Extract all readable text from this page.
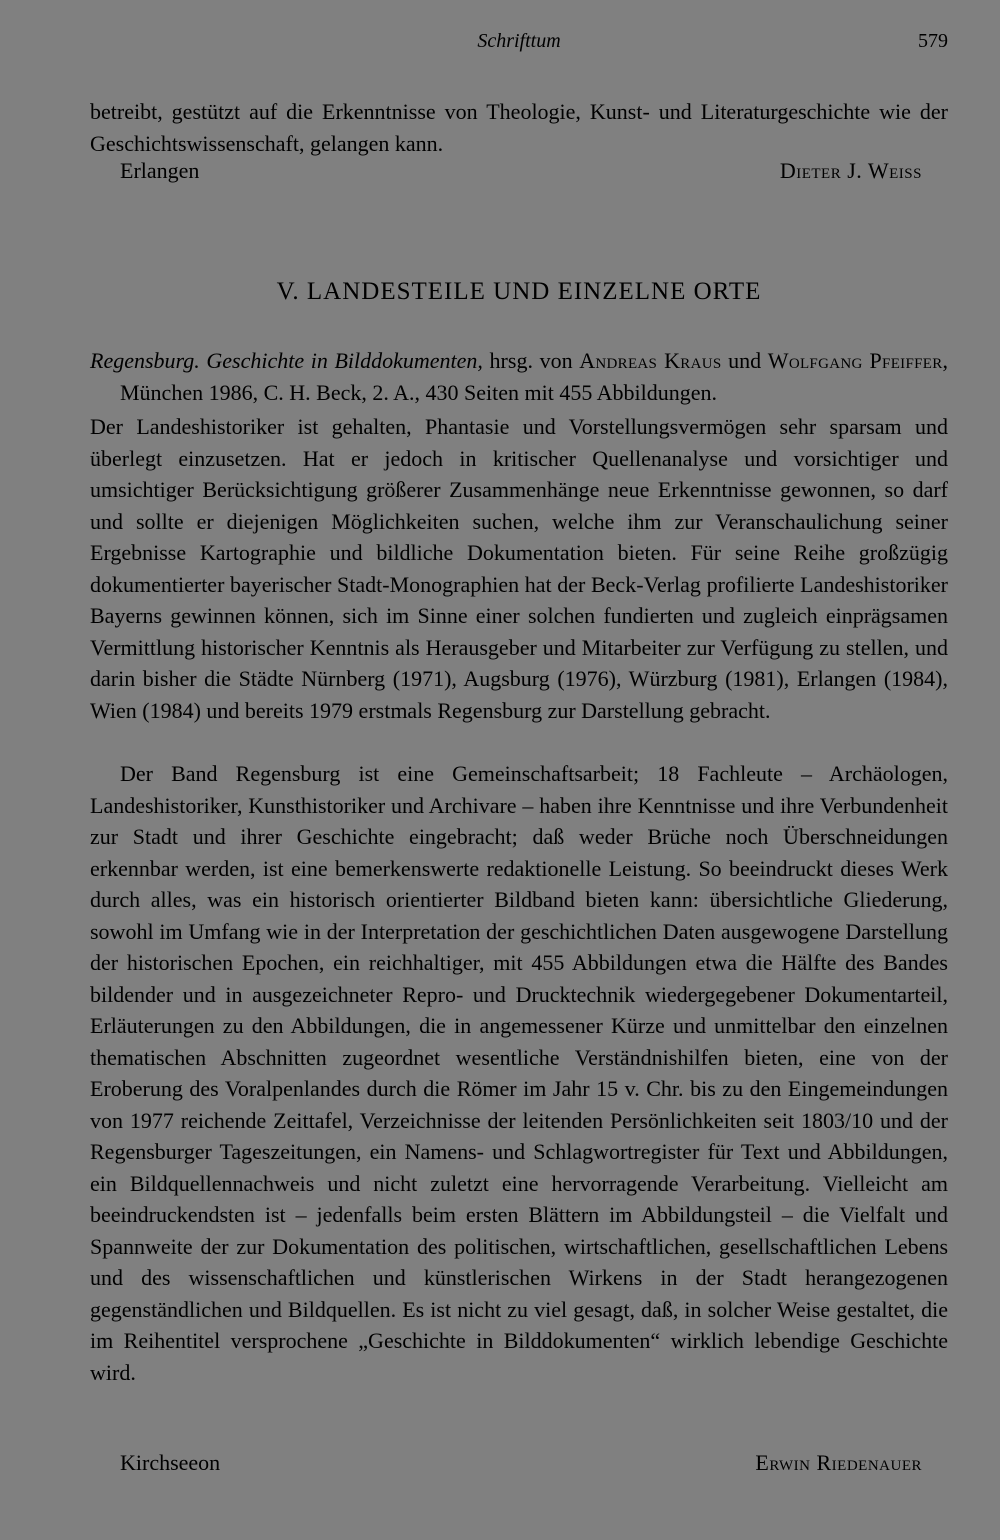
Schrifttum	579
betreibt, gestützt auf die Erkenntnisse von Theologie, Kunst- und Literaturgeschichte wie der Geschichtswissenschaft, gelangen kann.
Erlangen	Dieter J. Weiss
V. LANDESTEILE UND EINZELNE ORTE
Regensburg. Geschichte in Bilddokumenten, hrsg. von Andreas Kraus und Wolfgang Pfeiffer, München 1986, C. H. Beck, 2. A., 430 Seiten mit 455 Abbildungen.
Der Landeshistoriker ist gehalten, Phantasie und Vorstellungsvermögen sehr sparsam und überlegt einzusetzen. Hat er jedoch in kritischer Quellenanalyse und vorsichtiger und umsichtiger Berücksichtigung größerer Zusammenhänge neue Erkenntnisse gewonnen, so darf und sollte er diejenigen Möglichkeiten suchen, welche ihm zur Veranschaulichung seiner Ergebnisse Kartographie und bildliche Dokumentation bieten. Für seine Reihe großzügig dokumentierter bayerischer Stadt-Monographien hat der Beck-Verlag profilierte Landeshistoriker Bayerns gewinnen können, sich im Sinne einer solchen fundierten und zugleich einprägsamen Vermittlung historischer Kenntnis als Herausgeber und Mitarbeiter zur Verfügung zu stellen, und darin bisher die Städte Nürnberg (1971), Augsburg (1976), Würzburg (1981), Erlangen (1984), Wien (1984) und bereits 1979 erstmals Regensburg zur Darstellung gebracht.
Der Band Regensburg ist eine Gemeinschaftsarbeit; 18 Fachleute – Archäologen, Landeshistoriker, Kunsthistoriker und Archivare – haben ihre Kenntnisse und ihre Verbundenheit zur Stadt und ihrer Geschichte eingebracht; daß weder Brüche noch Überschneidungen erkennbar werden, ist eine bemerkenswerte redaktionelle Leistung. So beeindruckt dieses Werk durch alles, was ein historisch orientierter Bildband bieten kann: übersichtliche Gliederung, sowohl im Umfang wie in der Interpretation der geschichtlichen Daten ausgewogene Darstellung der historischen Epochen, ein reichhaltiger, mit 455 Abbildungen etwa die Hälfte des Bandes bildender und in ausgezeichneter Repro- und Drucktechnik wiedergegebener Dokumentarteil, Erläuterungen zu den Abbildungen, die in angemessener Kürze und unmittelbar den einzelnen thematischen Abschnitten zugeordnet wesentliche Verständnishilfen bieten, eine von der Eroberung des Voralpenlandes durch die Römer im Jahr 15 v. Chr. bis zu den Eingemeindungen von 1977 reichende Zeittafel, Verzeichnisse der leitenden Persönlichkeiten seit 1803/10 und der Regensburger Tageszeitungen, ein Namens- und Schlagwortregister für Text und Abbildungen, ein Bildquellennachweis und nicht zuletzt eine hervorragende Verarbeitung. Vielleicht am beeindruckendsten ist – jedenfalls beim ersten Blättern im Abbildungsteil – die Vielfalt und Spannweite der zur Dokumentation des politischen, wirtschaftlichen, gesellschaftlichen Lebens und des wissenschaftlichen und künstlerischen Wirkens in der Stadt herangezogenen gegenständlichen und Bildquellen. Es ist nicht zu viel gesagt, daß, in solcher Weise gestaltet, die im Reihentitel versprochene „Geschichte in Bilddokumenten“ wirklich lebendige Geschichte wird.
Kirchseeon	Erwin Riedenauer
